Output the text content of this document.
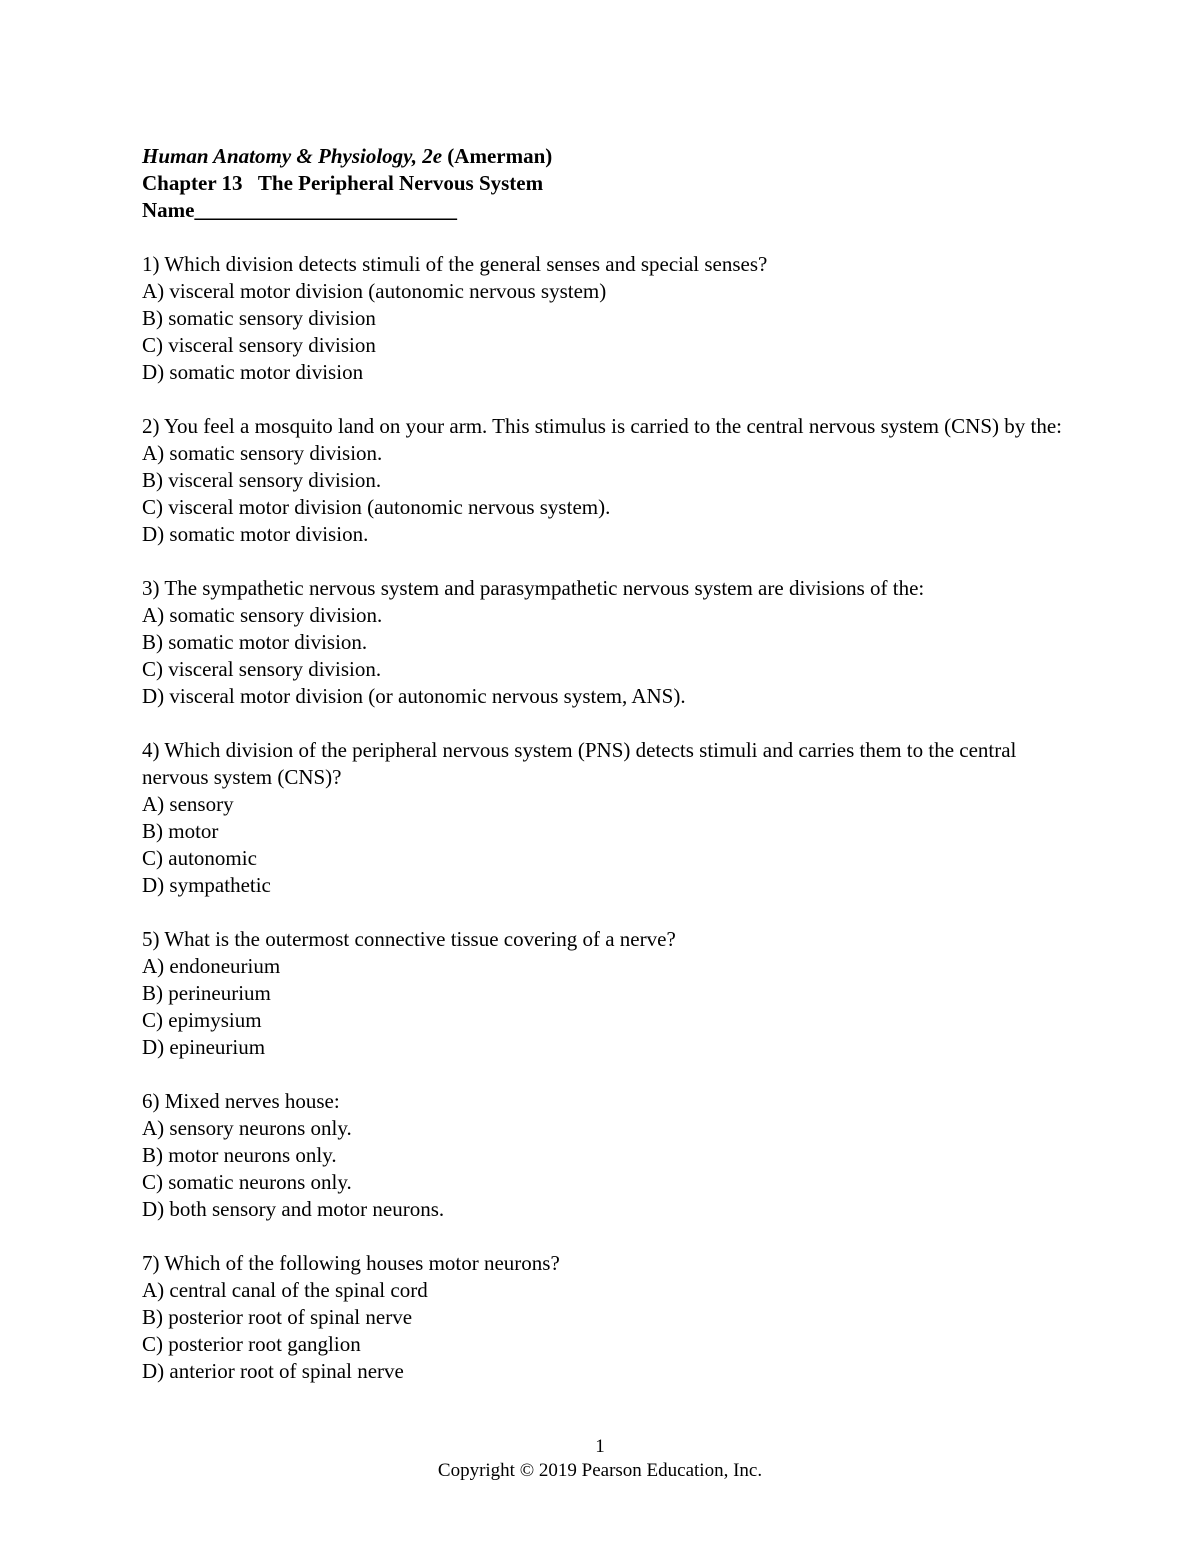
Human Anatomy & Physiology, 2e (Amerman)
Chapter 13   The Peripheral Nervous System
Name_________________________
1) Which division detects stimuli of the general senses and special senses?
A) visceral motor division (autonomic nervous system)
B) somatic sensory division
C) visceral sensory division
D) somatic motor division
2) You feel a mosquito land on your arm. This stimulus is carried to the central nervous system (CNS) by the:
A) somatic sensory division.
B) visceral sensory division.
C) visceral motor division (autonomic nervous system).
D) somatic motor division.
3) The sympathetic nervous system and parasympathetic nervous system are divisions of the:
A) somatic sensory division.
B) somatic motor division.
C) visceral sensory division.
D) visceral motor division (or autonomic nervous system, ANS).
4) Which division of the peripheral nervous system (PNS) detects stimuli and carries them to the central nervous system (CNS)?
A) sensory
B) motor
C) autonomic
D) sympathetic
5) What is the outermost connective tissue covering of a nerve?
A) endoneurium
B) perineurium
C) epimysium
D) epineurium
6) Mixed nerves house:
A) sensory neurons only.
B) motor neurons only.
C) somatic neurons only.
D) both sensory and motor neurons.
7) Which of the following houses motor neurons?
A) central canal of the spinal cord
B) posterior root of spinal nerve
C) posterior root ganglion
D) anterior root of spinal nerve
1
Copyright © 2019 Pearson Education, Inc.
